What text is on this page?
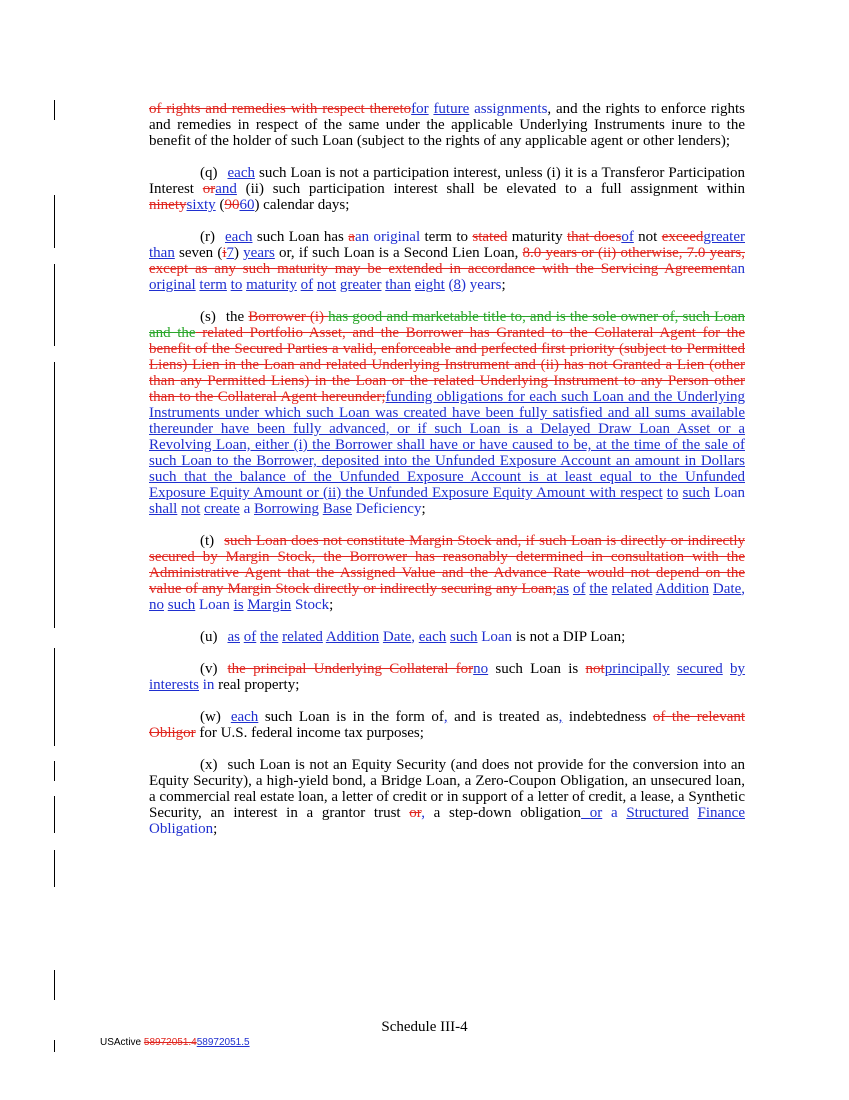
of rights and remedies with respect theretofor future assignments, and the rights to enforce rights and remedies in respect of the same under the applicable Underlying Instruments inure to the benefit of the holder of such Loan (subject to the rights of any applicable agent or other lenders);

(q) each such Loan is not a participation interest, unless (i) it is a Transferor Participation Interest orand (ii) such participation interest shall be elevated to a full assignment within ninetysixty (9060) calendar days;

(r) each such Loan has aan original term to stated maturity that doesof not exceedgreater than seven (i7) years or, if such Loan is a Second Lien Loan, 8.0 years or (ii) otherwise, 7.0 years, except as any such maturity may be extended in accordance with the Servicing Agreementan original term to maturity of not greater than eight (8) years;

(s) the Borrower (i) has good and marketable title to, and is the sole owner of, such Loan and the related Portfolio Asset, and the Borrower has Granted to the Collateral Agent for the benefit of the Secured Parties a valid, enforceable and perfected first priority (subject to Permitted Liens) Lien in the Loan and related Underlying Instrument and (ii) has not Granted a Lien (other than any Permitted Liens) in the Loan or the related Underlying Instrument to any Person other than to the Collateral Agent hereunder;funding obligations for each such Loan and the Underlying Instruments under which such Loan was created have been fully satisfied and all sums available thereunder have been fully advanced, or if such Loan is a Delayed Draw Loan Asset or a Revolving Loan, either (i) the Borrower shall have or have caused to be, at the time of the sale of such Loan to the Borrower, deposited into the Unfunded Exposure Account an amount in Dollars such that the balance of the Unfunded Exposure Account is at least equal to the Unfunded Exposure Equity Amount or (ii) the Unfunded Exposure Equity Amount with respect to such Loan shall not create a Borrowing Base Deficiency;

(t) such Loan does not constitute Margin Stock and, if such Loan is directly or indirectly secured by Margin Stock, the Borrower has reasonably determined in consultation with the Administrative Agent that the Assigned Value and the Advance Rate would not depend on the value of any Margin Stock directly or indirectly securing any Loan;as of the related Addition Date, no such Loan is Margin Stock;

(u) as of the related Addition Date, each such Loan is not a DIP Loan;

(v) the principal Underlying Collateral forno such Loan is notprincipally secured by interests in real property;

(w) each such Loan is in the form of, and is treated as, indebtedness of the relevant Obligor for U.S. federal income tax purposes;

(x) such Loan is not an Equity Security (and does not provide for the conversion into an Equity Security), a high-yield bond, a Bridge Loan, a Zero-Coupon Obligation, an unsecured loan, a commercial real estate loan, a letter of credit or in support of a letter of credit, a lease, a Synthetic Security, an interest in a grantor trust or, a step-down obligation or a Structured Finance Obligation;

Schedule III-4
USActive 58972051.458972051.5
